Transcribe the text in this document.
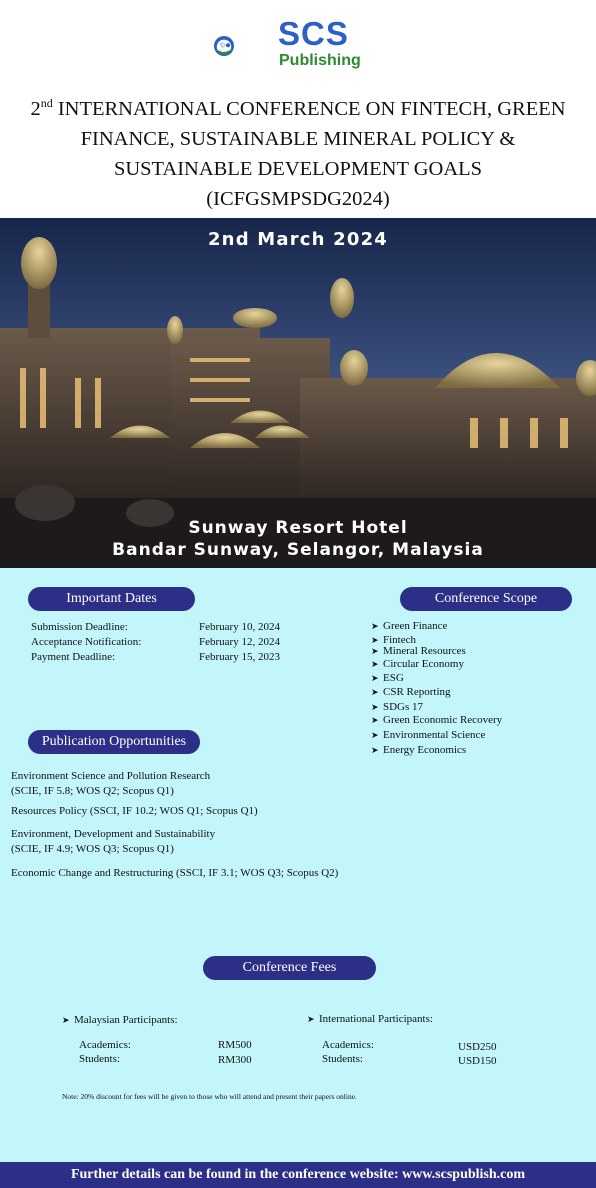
SCS
Publishing
2nd INTERNATIONAL CONFERENCE ON FINTECH, GREEN
FINANCE, SUSTAINABLE MINERAL POLICY &
SUSTAINABLE DEVELOPMENT GOALS
(ICFGSMPSDG2024)
2nd March 2024
Sunway Resort Hotel
Bandar Sunway, Selangor, Malaysia
Important Dates
Submission Deadline:	February 10, 2024
Acceptance Notification:	February 12, 2024
Payment Deadline:	February 15, 2023
Conference Scope
➤ Green Finance
➤ Fintech
➤ Mineral Resources
➤ Circular Economy
➤ ESG
➤ CSR Reporting
➤ SDGs 17
➤ Green Economic Recovery
➤ Environmental Science
➤ Energy Economics
Publication Opportunities
Environment Science and Pollution Research
(SCIE, IF 5.8; WOS Q2; Scopus Q1)
Resources Policy (SSCI, IF 10.2; WOS Q1; Scopus Q1)
Environment, Development and Sustainability
(SCIE, IF 4.9; WOS Q3; Scopus Q1)
Economic Change and Restructuring (SSCI, IF 3.1; WOS Q3; Scopus Q2)
Conference Fees
➤ Malaysian Participants:
Academics:	RM500
Students:	RM300
➤ International Participants:
Academics:	USD250
Students:	USD150
Note: 20% discount for fees will be given to those who will attend and present their papers online.
Further details can be found in the conference website: www.scspublish.com
